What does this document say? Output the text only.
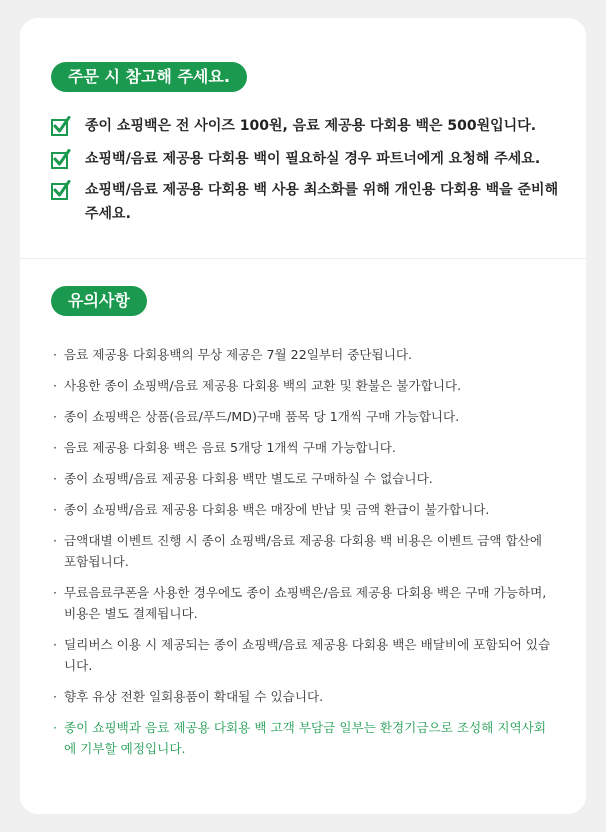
주문 시 참고해 주세요.
종이 쇼핑백은 전 사이즈 100원, 음료 제공용 다회용 백은 500원입니다.
쇼핑백/음료 제공용 다회용 백이 필요하실 경우 파트너에게 요청해 주세요.
쇼핑백/음료 제공용 다회용 백 사용 최소화를 위해 개인용 다회용 백을 준비해 주세요.
유의사항
· 음료 제공용 다회용백의 무상 제공은 7월 22일부터 중단됩니다.
· 사용한 종이 쇼핑백/음료 제공용 다회용 백의 교환 및 환불은 불가합니다.
· 종이 쇼핑백은 상품(음료/푸드/MD)구매 품목 당 1개씩 구매 가능합니다.
· 음료 제공용 다회용 백은 음료 5개당 1개씩 구매 가능합니다.
· 종이 쇼핑백/음료 제공용 다회용 백만 별도로 구매하실 수 없습니다.
· 종이 쇼핑백/음료 제공용 다회용 백은 매장에 반납 및 금액 환급이 불가합니다.
· 금액대별 이벤트 진행 시 종이 쇼핑백/음료 제공용 다회용 백 비용은 이벤트 금액 합산에 포함됩니다.
· 무료음료쿠폰을 사용한 경우에도 종이 쇼핑백은/음료 제공용 다회용 백은 구매 가능하며, 비용은 별도 결제됩니다.
· 딜리버스 이용 시 제공되는 종이 쇼핑백/음료 제공용 다회용 백은 배달비에 포함되어 있습니다.
· 향후 유상 전환 일회용품이 확대될 수 있습니다.
· 종이 쇼핑백과 음료 제공용 다회용 백 고객 부담금 일부는 환경기금으로 조성해 지역사회에 기부할 예정입니다.
